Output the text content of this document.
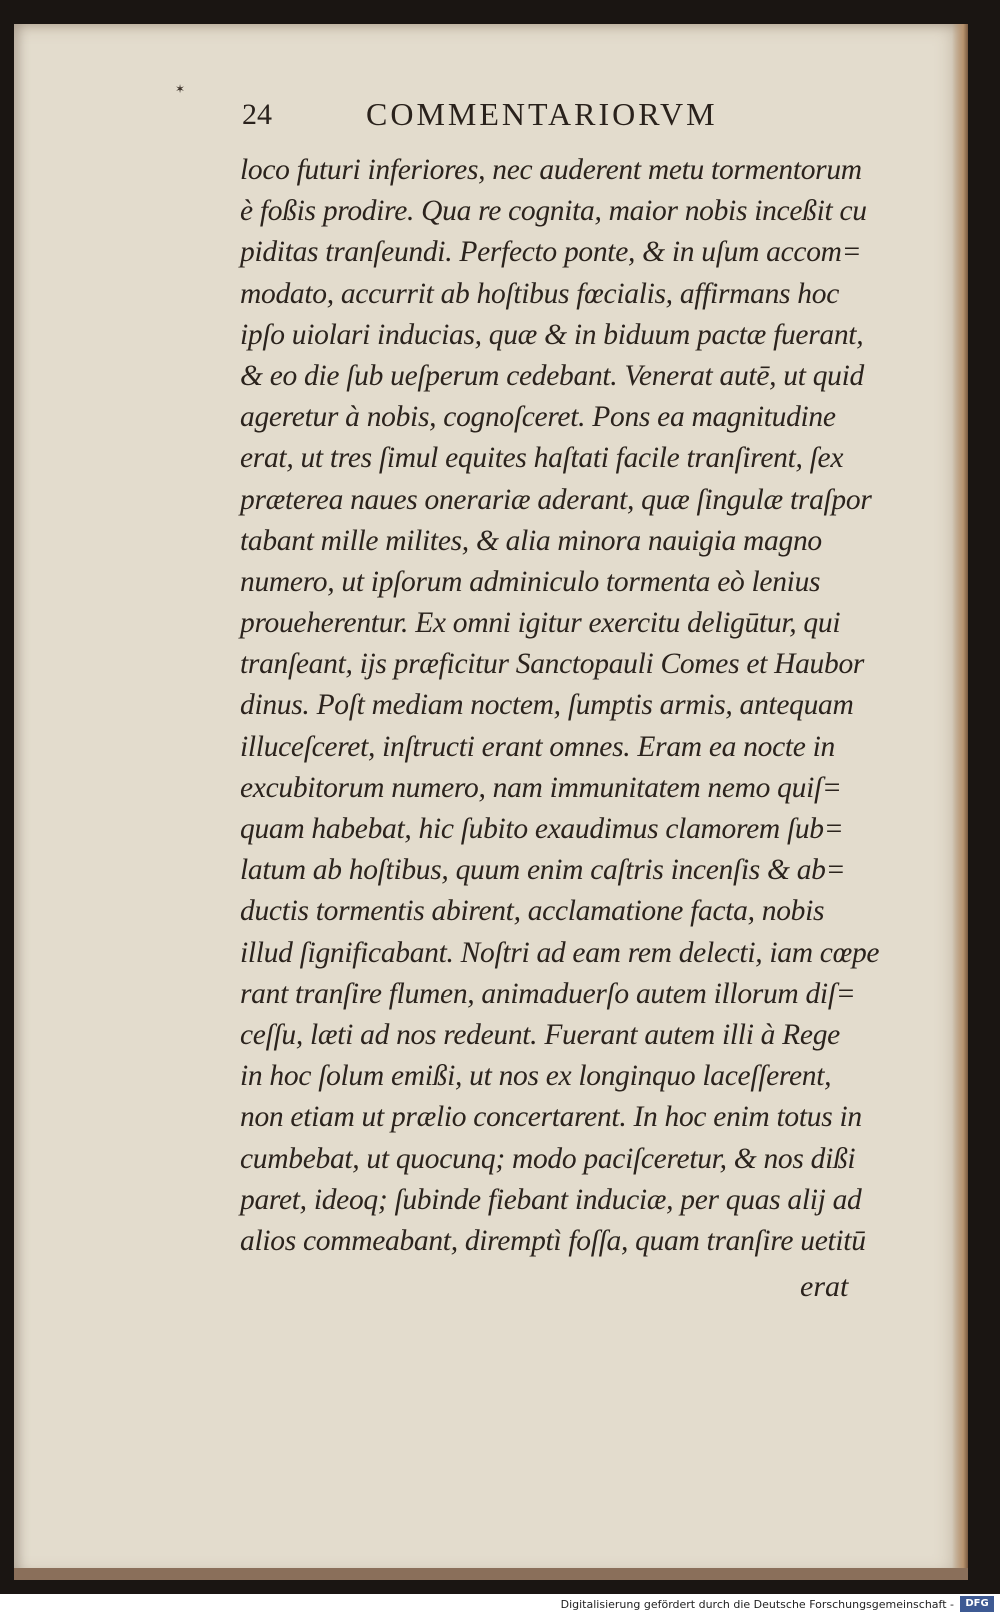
✶
24	COMMENTARIORVM
loco futuri inferiores, nec auderent metu tormentorum
è foßis prodire. Qua re cognita, maior nobis inceßit cu
piditas tranſeundi. Perfecto ponte, & in uſum accom=
modato, accurrit ab hoſtibus fœcialis, affirmans hoc
ipſo uiolari inducias, quæ & in biduum pactæ fuerant,
& eo die ſub ueſperum cedebant. Venerat autē, ut quid
ageretur à nobis, cognoſceret. Pons ea magnitudine
erat, ut tres ſimul equites haſtati facile tranſirent, ſex
præterea naues onerariæ aderant, quæ ſingulæ traſpor
tabant mille milites, & alia minora nauigia magno
numero, ut ipſorum adminiculo tormenta eò lenius
proueherentur. Ex omni igitur exercitu deligūtur, qui
tranſeant, ijs præficitur Sanctopauli Comes et Haubor
dinus. Poſt mediam noctem, ſumptis armis, antequam
illuceſceret, inſtructi erant omnes. Eram ea nocte in
excubitorum numero, nam immunitatem nemo quiſ=
quam habebat, hic ſubito exaudimus clamorem ſub=
latum ab hoſtibus, quum enim caſtris incenſis & ab=
ductis tormentis abirent, acclamatione facta, nobis
illud ſignificabant. Noſtri ad eam rem delecti, iam cœpe
rant tranſire flumen, animaduerſo autem illorum diſ=
ceſſu, læti ad nos redeunt. Fuerant autem illi à Rege
in hoc ſolum emißi, ut nos ex longinquo laceſſerent,
non etiam ut prælio concertarent. In hoc enim totus in
cumbebat, ut quocunq; modo paciſceretur, & nos dißi
paret, ideoq; ſubinde fiebant induciæ, per quas alij ad
alios commeabant, diremptì foſſa, quam tranſire uetitū
erat
Digitalisierung gefördert durch die Deutsche Forschungsgemeinschaft -	DFG
